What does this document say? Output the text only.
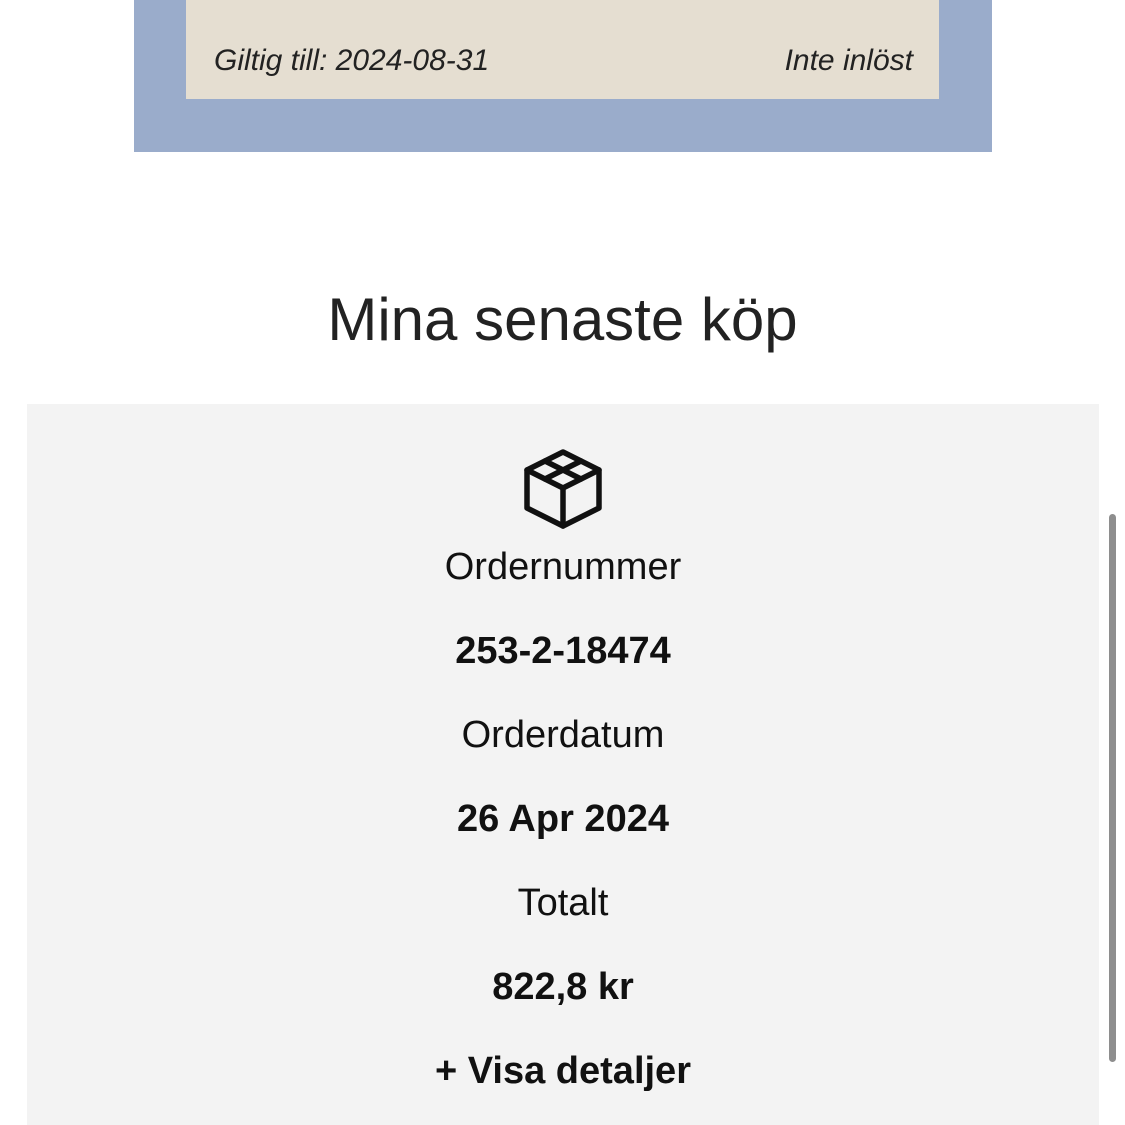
Giltig till: 2024-08-31	Inte inlöst
Mina senaste köp
Ordernummer
253-2-18474
Orderdatum
26 Apr 2024
Totalt
822,8 kr
+ Visa detaljer
